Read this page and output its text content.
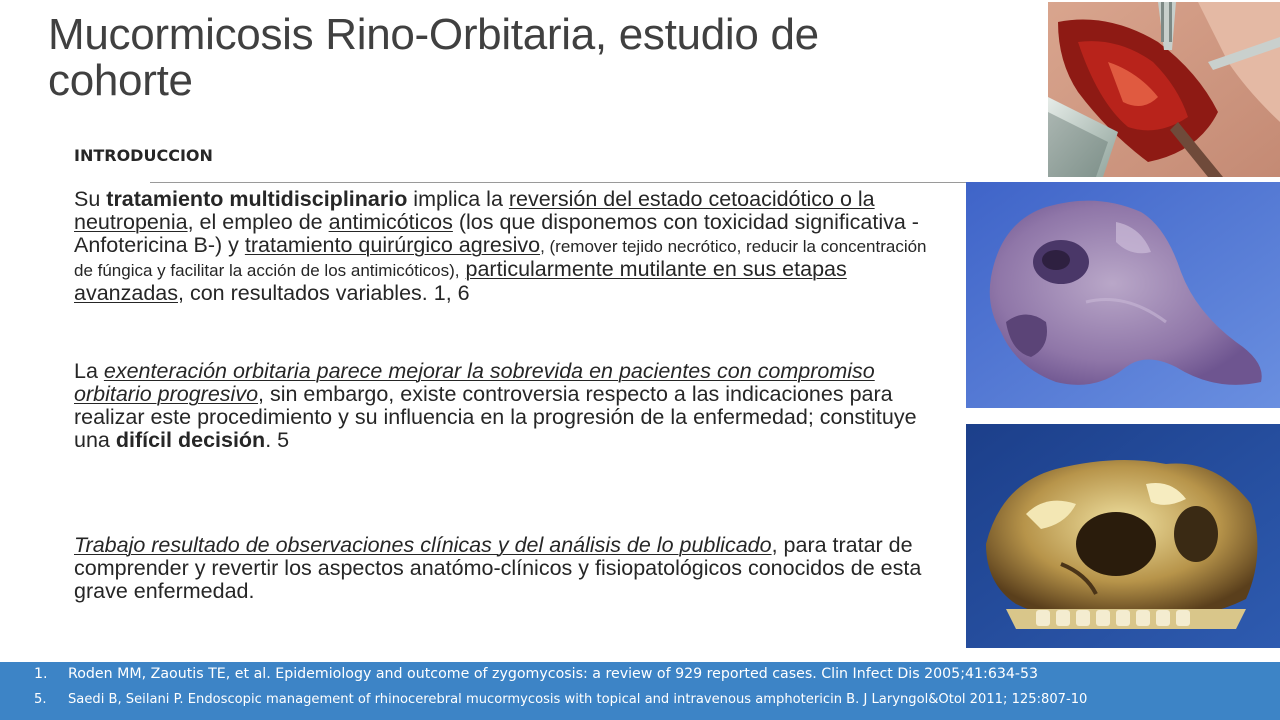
Mucormicosis Rino-Orbitaria, estudio de cohorte
INTRODUCCION
Su tratamiento multidisciplinario implica la reversión del estado cetoacidótico o la neutropenia, el empleo de antimicóticos (los que disponemos con toxicidad significativa -Anfotericina B-) y tratamiento quirúrgico agresivo, (remover tejido necrótico, reducir la concentración de fúngica y facilitar la acción de los antimicóticos), particularmente mutilante en sus etapas avanzadas, con resultados variables. 1, 6
La exenteración orbitaria parece mejorar la sobrevida en pacientes con compromiso orbitario progresivo, sin embargo, existe controversia respecto a las indicaciones para realizar este procedimiento y su influencia en la progresión de la enfermedad; constituye una difícil decisión. 5
Trabajo resultado de observaciones clínicas y del análisis de lo publicado, para tratar de comprender y revertir los aspectos anatómo-clínicos y fisiopatológicos conocidos de esta grave enfermedad.
1. Roden MM, Zaoutis TE, et al. Epidemiology and outcome of zygomycosis: a review of 929 reported cases. Clin Infect Dis 2005;41:634-53
5. Saedi B, Seilani P. Endoscopic management of rhinocerebral mucormycosis with topical and intravenous amphotericin B. J Laryngol&Otol 2011; 125:807-10
